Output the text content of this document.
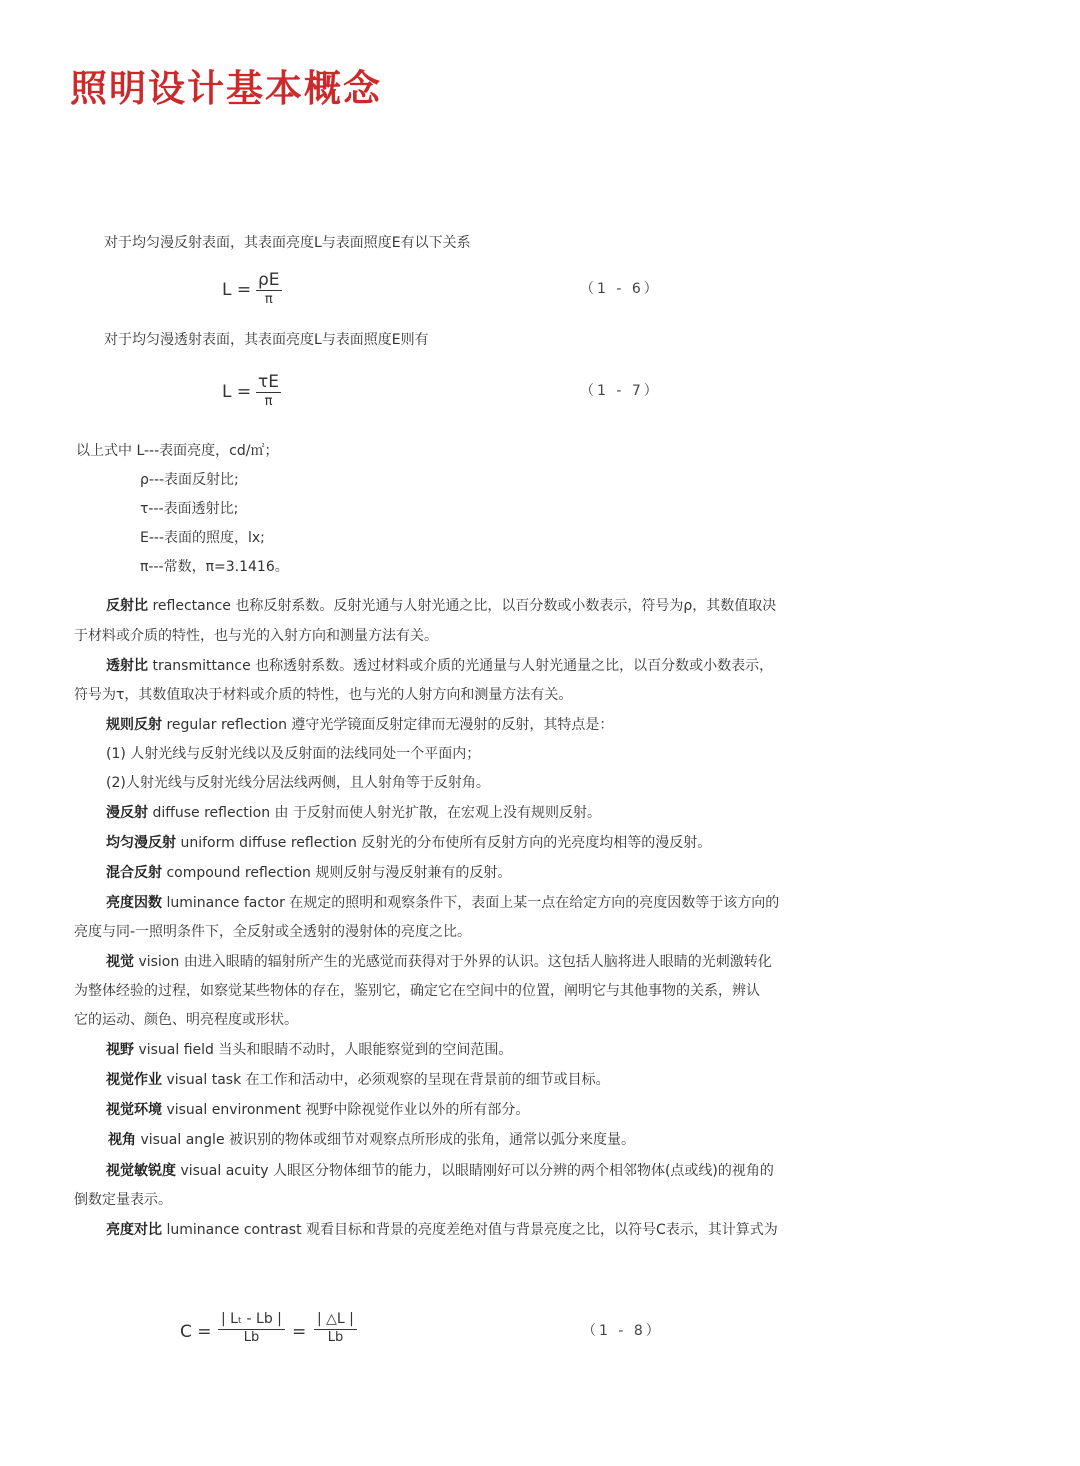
照明设计基本概念
对于均匀漫反射表面，其表面亮度L与表面照度E有以下关系
L = ρE
π
（1 - 6）
对于均匀漫透射表面，其表面亮度L与表面照度E则有
L = τE
π
（1 - 7）
以上式中 L---表面亮度，cd/㎡；
ρ---表面反射比;
τ---表面透射比;
E---表面的照度，lx;
π---常数，π=3.1416。
反射比 reflectance 也称反射系数。反射光通与人射光通之比，以百分数或小数表示，符号为ρ，其数值取决
于材料或介质的特性，也与光的入射方向和测量方法有关。
透射比 transmittance 也称透射系数。透过材料或介质的光通量与人射光通量之比，以百分数或小数表示，
符号为τ，其数值取决于材料或介质的特性，也与光的人射方向和测量方法有关。
规则反射 regular reflection 遵守光学镜面反射定律而无漫射的反射，其特点是：
(1) 人射光线与反射光线以及反射面的法线同处一个平面内；
(2)人射光线与反射光线分居法线两侧，且人射角等于反射角。
漫反射 diffuse reflection 由 于反射而使人射光扩散，在宏观上没有规则反射。
均匀漫反射 uniform diffuse reflection 反射光的分布使所有反射方向的光亮度均相等的漫反射。
混合反射 compound reflection 规则反射与漫反射兼有的反射。
亮度因数 luminance factor 在规定的照明和观察条件下，表面上某一点在给定方向的亮度因数等于该方向的
亮度与同-一照明条件下，全反射或全透射的漫射体的亮度之比。
视觉 vision 由进入眼睛的辐射所产生的光感觉而获得对于外界的认识。这包括人脑将进人眼睛的光刺激转化
为整体经验的过程，如察觉某些物体的存在，鉴别它，确定它在空间中的位置，阐明它与其他事物的关系，辨认
它的运动、颜色、明亮程度或形状。
视野 visual field 当头和眼睛不动时，人眼能察觉到的空间范围。
视觉作业 visual task 在工作和活动中，必须观察的呈现在背景前的细节或目标。
视觉环境 visual environment 视野中除视觉作业以外的所有部分。
视角 visual angle 被识别的物体或细节对观察点所形成的张角，通常以弧分来度量。
视觉敏锐度 visual acuity 人眼区分物体细节的能力，以眼睛刚好可以分辨的两个相邻物体(点或线)的视角的
倒数定量表示。
亮度对比 luminance contrast 观看目标和背景的亮度差绝对值与背景亮度之比，以符号C表示，其计算式为
$C = \frac{\text{| Lₜ - Lb |}}{Lb} = \frac{| \triangle L |}{Lb}$	（1 - 8）
